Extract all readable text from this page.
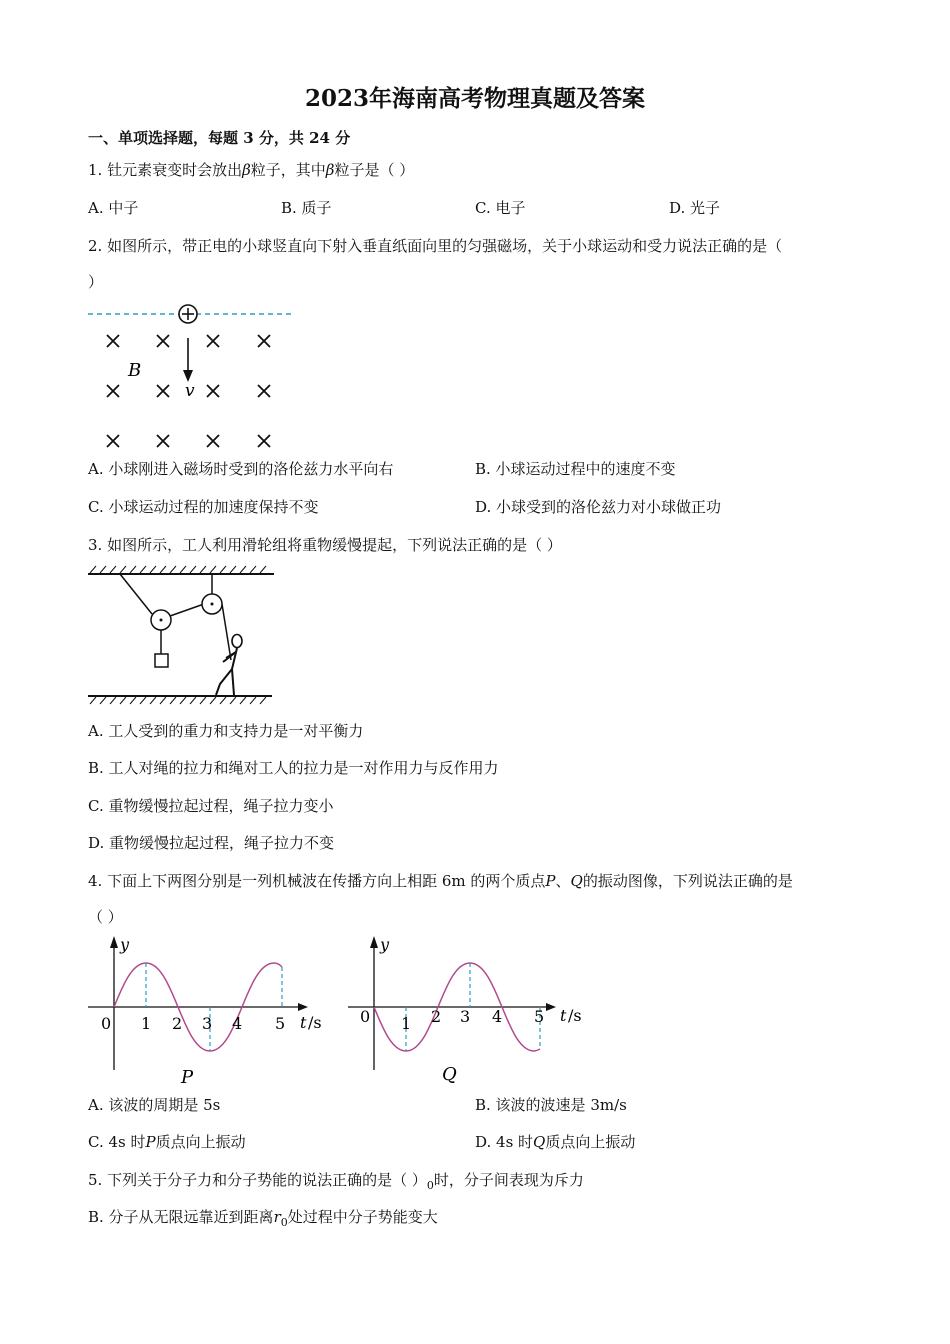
2023年海南高考物理真题及答案
一、单项选择题，每题 3 分，共 24 分
1. 钍元素衰变时会放出β粒子，其中β粒子是（ ）
A. 中子	B. 质子	C. 电子	D. 光子
2. 如图所示，带正电的小球竖直向下射入垂直纸面向里的匀强磁场，关于小球运动和受力说法正确的是（
）
B
v
A. 小球刚进入磁场时受到的洛伦兹力水平向右	B. 小球运动过程中的速度不变
C. 小球运动过程的加速度保持不变	D. 小球受到的洛伦兹力对小球做正功
3. 如图所示，工人利用滑轮组将重物缓慢提起，下列说法正确的是（ ）
A. 工人受到的重力和支持力是一对平衡力
B. 工人对绳的拉力和绳对工人的拉力是一对作用力与反作用力
C. 重物缓慢拉起过程，绳子拉力变小
D. 重物缓慢拉起过程，绳子拉力不变
4. 下面上下两图分别是一列机械波在传播方向上相距 6m 的两个质点P、Q的振动图像，下列说法正确的是
（ ）
y
t /s
0 1 2 3 4 5
P
y
t /s
0 1 2 3 4 5
Q
A. 该波的周期是 5s	B. 该波的波速是 3m/s
C. 4s 时P质点向上振动	D. 4s 时Q质点向上振动
5. 下列关于分子力和分子势能的说法正确的是（ ）$_0$时，分子间表现为斥力
B. 分子从无限远靠近到距离$r_0$处过程中分子势能变大
